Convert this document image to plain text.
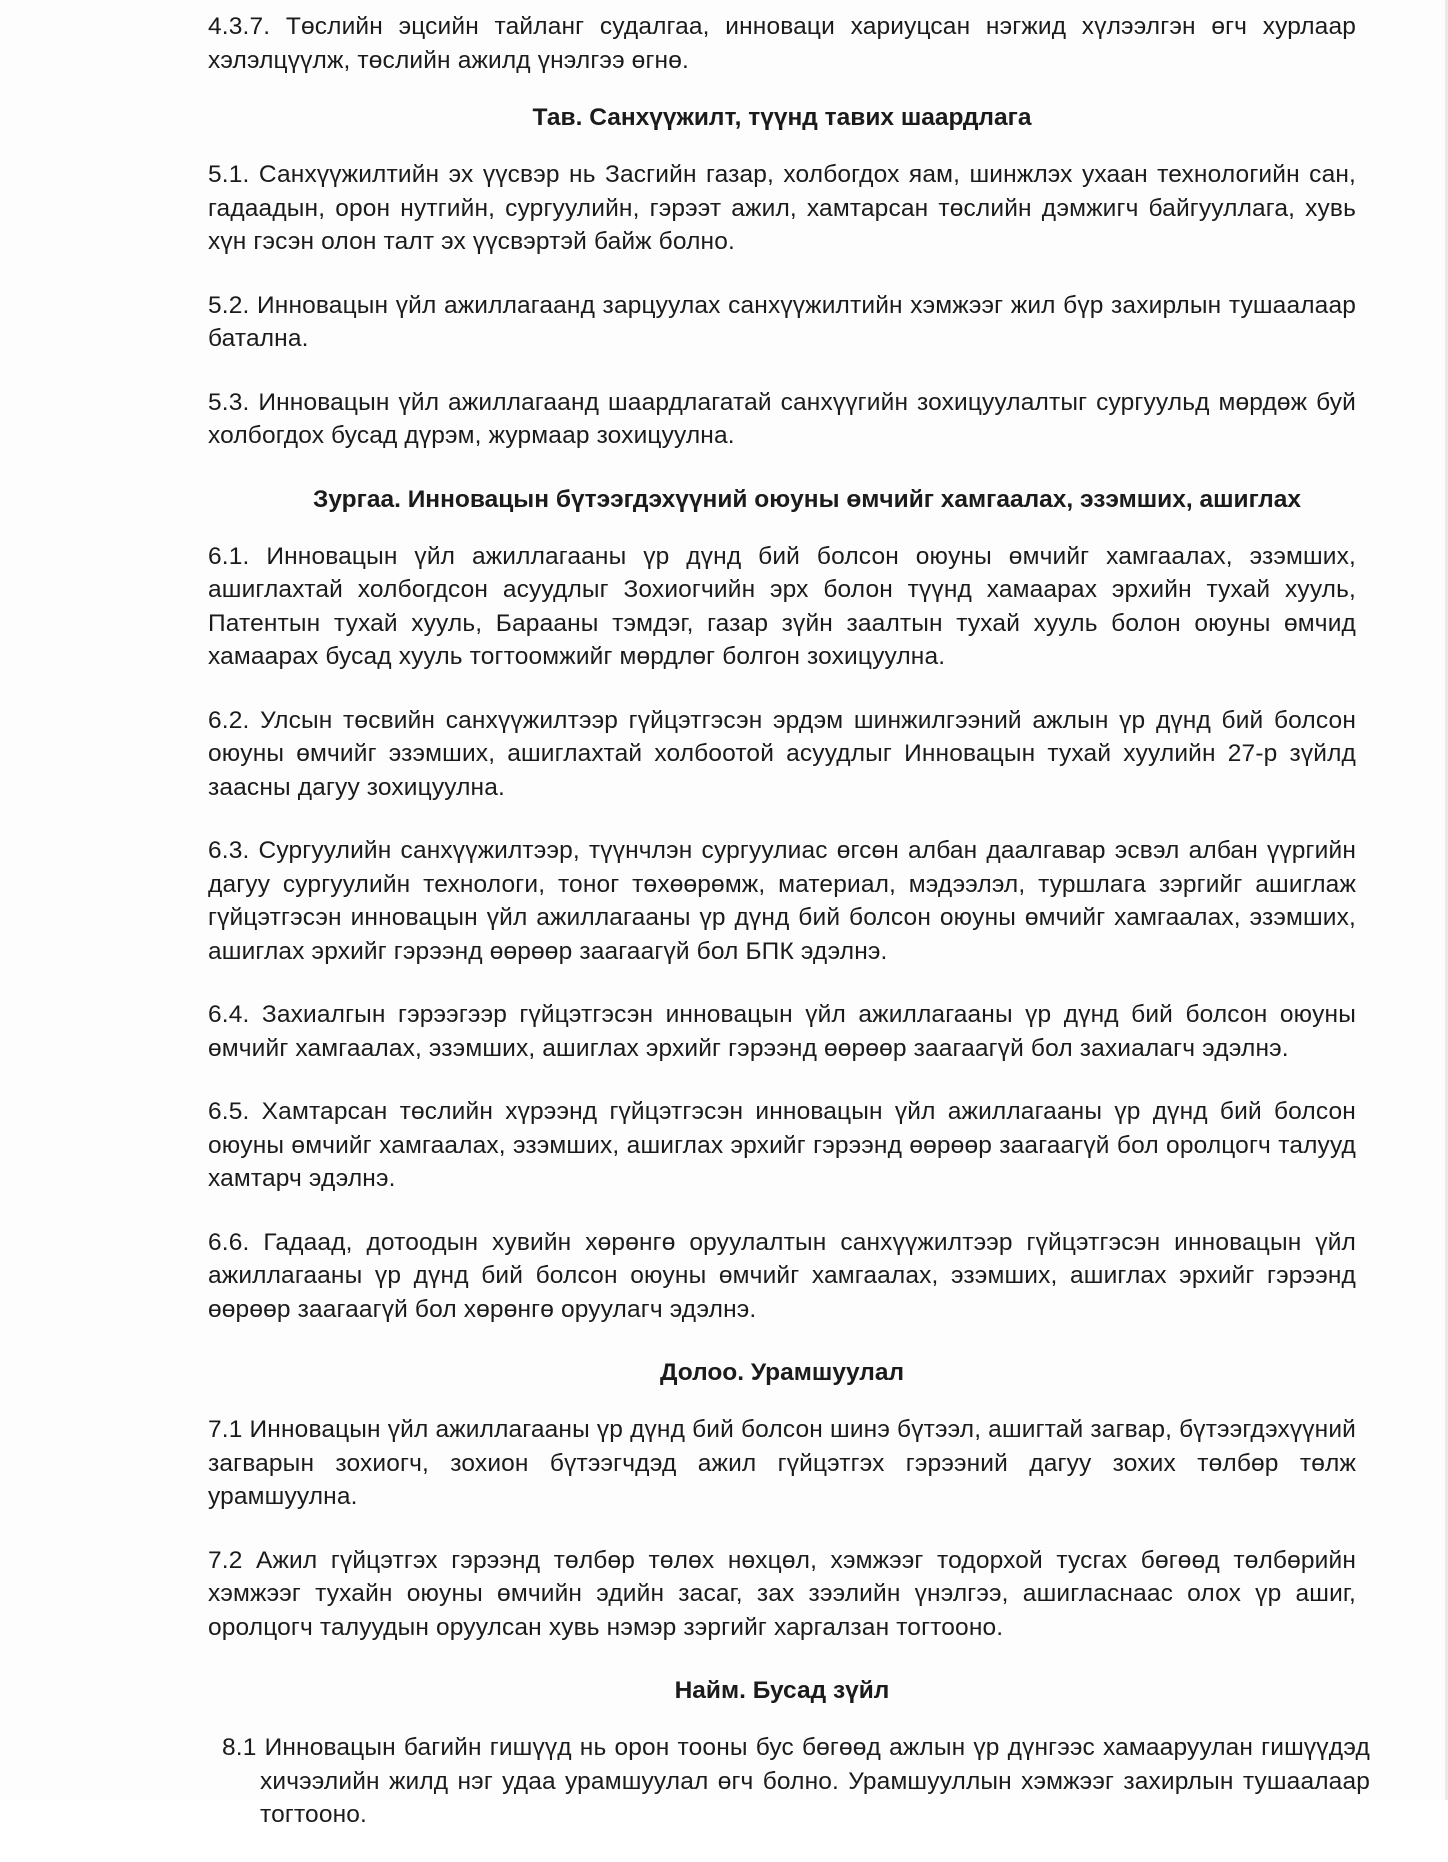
4.3.7. Төслийн эцсийн тайланг судалгаа, инноваци хариуцсан нэгжид хүлээлгэн өгч хурлаар хэлэлцүүлж, төслийн ажилд үнэлгээ өгнө.

Тав. Санхүүжилт, түүнд тавих шаардлага

5.1. Санхүүжилтийн эх үүсвэр нь Засгийн газар, холбогдох яам, шинжлэх ухаан технологийн сан, гадаадын, орон нутгийн, сургуулийн, гэрээт ажил, хамтарсан төслийн дэмжигч байгууллага, хувь хүн гэсэн олон талт эх үүсвэртэй байж болно.

5.2. Инновацын үйл ажиллагаанд зарцуулах санхүүжилтийн хэмжээг жил бүр захирлын тушаалаар батална.

5.3. Инновацын үйл ажиллагаанд шаардлагатай санхүүгийн зохицуулалтыг сургуульд мөрдөж буй холбогдох бусад дүрэм, журмаар зохицуулна.

Зургаа. Инновацын бүтээгдэхүүний оюуны өмчийг хамгаалах, эзэмших, ашиглах

6.1. Инновацын үйл ажиллагааны үр дүнд бий болсон оюуны өмчийг хамгаалах, эзэмших, ашиглахтай холбогдсон асуудлыг Зохиогчийн эрх болон түүнд хамаарах эрхийн тухай хууль, Патентын тухай хууль, Барааны тэмдэг, газар зүйн заалтын тухай хууль болон оюуны өмчид хамаарах бусад хууль тогтоомжийг мөрдлөг болгон зохицуулна.

6.2. Улсын төсвийн санхүүжилтээр гүйцэтгэсэн эрдэм шинжилгээний ажлын үр дүнд бий болсон оюуны өмчийг эзэмших, ашиглахтай холбоотой асуудлыг Инновацын тухай хуулийн 27-р зүйлд заасны дагуу зохицуулна.

6.3. Сургуулийн санхүүжилтээр, түүнчлэн сургуулиас өгсөн албан даалгавар эсвэл албан үүргийн дагуу сургуулийн технологи, тоног төхөөрөмж, материал, мэдээлэл, туршлага зэргийг ашиглаж гүйцэтгэсэн инновацын үйл ажиллагааны үр дүнд бий болсон оюуны өмчийг хамгаалах, эзэмших, ашиглах эрхийг гэрээнд өөрөөр заагаагүй бол БПК эдэлнэ.

6.4. Захиалгын гэрээгээр гүйцэтгэсэн инновацын үйл ажиллагааны үр дүнд бий болсон оюуны өмчийг хамгаалах, эзэмших, ашиглах эрхийг гэрээнд өөрөөр заагаагүй бол захиалагч эдэлнэ.

6.5. Хамтарсан төслийн хүрээнд гүйцэтгэсэн инновацын үйл ажиллагааны үр дүнд бий болсон оюуны өмчийг хамгаалах, эзэмших, ашиглах эрхийг гэрээнд өөрөөр заагаагүй бол оролцогч талууд хамтарч эдэлнэ.

6.6. Гадаад, дотоодын хувийн хөрөнгө оруулалтын санхүүжилтээр гүйцэтгэсэн инновацын үйл ажиллагааны үр дүнд бий болсон оюуны өмчийг хамгаалах, эзэмших, ашиглах эрхийг гэрээнд өөрөөр заагаагүй бол хөрөнгө оруулагч эдэлнэ.

Долоо. Урамшуулал

7.1 Инновацын үйл ажиллагааны үр дүнд бий болсон шинэ бүтээл, ашигтай загвар, бүтээгдэхүүний загварын зохиогч, зохион бүтээгчдэд ажил гүйцэтгэх гэрээний дагуу зохих төлбөр төлж урамшуулна.

7.2 Ажил гүйцэтгэх гэрээнд төлбөр төлөх нөхцөл, хэмжээг тодорхой тусгах бөгөөд төлбөрийн хэмжээг тухайн оюуны өмчийн эдийн засаг, зах зээлийн үнэлгээ, ашигласнаас олох үр ашиг, оролцогч талуудын оруулсан хувь нэмэр зэргийг харгалзан тогтооно.

Найм. Бусад зүйл

8.1 Инновацын багийн гишүүд нь орон тооны бус бөгөөд ажлын үр дүнгээс хамааруулан гишүүдэд хичээлийн жилд нэг удаа урамшуулал өгч болно. Урамшууллын хэмжээг захирлын тушаалаар тогтооно.
